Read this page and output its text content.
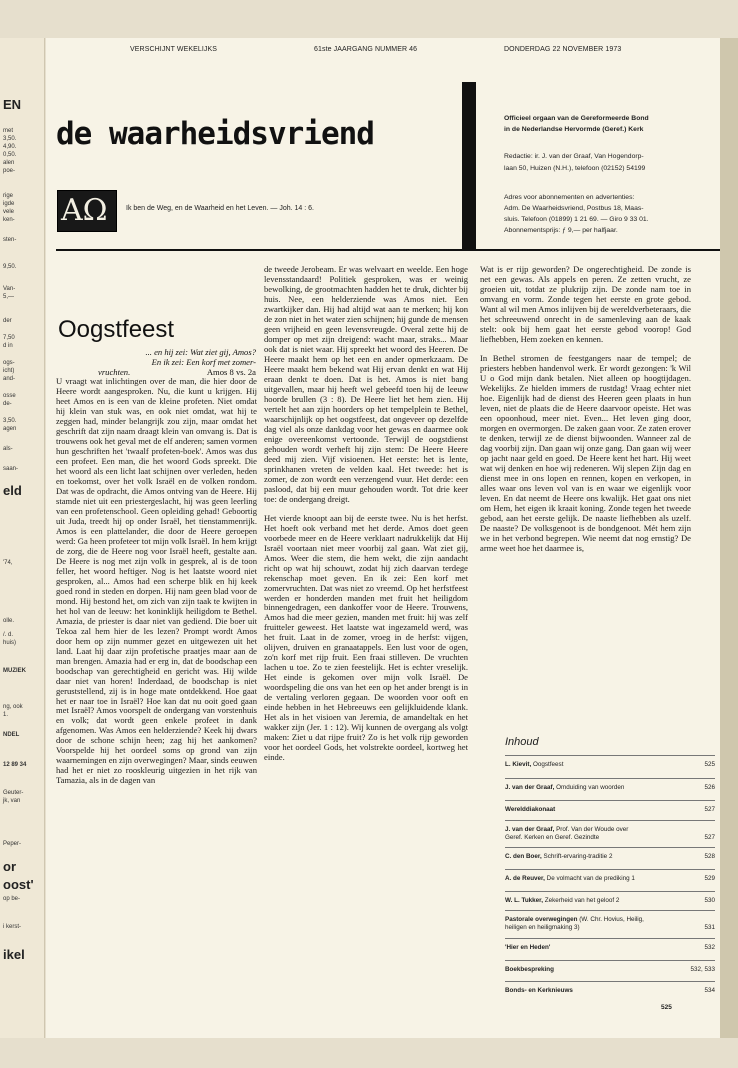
EN
met
3,50.
4,90.
0,50.
alen
poe-
rige
igde
vele
ken-
sten-
9,50.
Van-
5,—
der
7,50
d in
ogs-
icht)
and-
osse
de-
3,50.
agen
als-
saan-
eld
'74,
olle.
/. d.
huis)
MUZIEK
ng, ook
1.
NDEL
12 89 34
Geuter-
jk, van
Peper-
or
oost'
op be-
i kerst-
ikel
VERSCHIJNT WEKELIJKS	61ste JAARGANG NUMMER 46	DONDERDAG 22 NOVEMBER 1973
de waarheidsvriend	Officieel orgaan van de Gereformeerde Bond
in de Nederlandse Hervormde (Geref.) Kerk
Redactie: ir. J. van der Graaf, Van Hogendorp-
laan 50, Huizen (N.H.), telefoon (02152) 54199
Adres voor abonnementen en advertenties:
Adm. De Waarheidsvriend, Postbus 18, Maas-
sluis. Telefoon (01899) 1 21 69. — Giro 9 33 01.
Abonnementsprijs: ƒ 9,— per halfjaar.
AΩ	Ik ben de Weg, en de Waarheid en het Leven. — Joh. 14 : 6.
Oogstfeest
... en hij zei: Wat ziet gij, Amos?
En ik zei: Een korf met zomer-
vruchten.	Amos 8 vs. 2a

U vraagt wat inlichtingen over de man, die hier door de Heere wordt aangesproken. Nu, die kunt u krijgen. Hij heet Amos en is een van de kleine profeten. Niet omdat hij klein van stuk was, en ook niet omdat, wat hij te zeggen had, minder belangrijk zou zijn, maar omdat het geschrift dat zijn naam draagt klein van omvang is. Dat is trouwens ook het geval met de elf anderen; samen vormen hun geschriften het 'twaalf profeten-boek'. Amos was dus een profeet. Een man, die het woord Gods spreekt. Die het woord als een licht laat schijnen over verleden, heden en toekomst, over het volk Israël en de volken rondom. Dat was de opdracht, die Amos ontving van de Heere. Hij stamde niet uit een priestergeslacht, hij was geen leerling van een profetenschool. Geen opleiding gehad! Geboortig uit Juda, treedt hij op onder Israël, het tienstammenrijk. Amos is een plattelander, die door de Heere geroepen werd: Ga heen profeteer tot mijn volk Israël. In hem krijgt de zorg, die de Heere nog voor Israël heeft, gestalte aan. De Heere is nog met zijn volk in gesprek, al is de toon feller, het woord heftiger. Nog is het laatste woord niet gesproken, al... Amos had een scherpe blik en hij keek goed rond in steden en dorpen. Hij nam geen blad voor de mond. Hij bestond het, om zich van zijn taak te kwijten in het hol van de leeuw: het koninklijk heiligdom te Bethel. Amazia, de priester is daar niet van gediend. Die boer uit Tekoa zal hem hier de les lezen? Prompt wordt Amos door hem op zijn nummer gezet en uitgewezen uit het land. Laat hij daar zijn profetische praatjes maar aan de man brengen. Amazia had er erg in, dat de boodschap een boodschap van gerechtigheid en gericht was. Hij wilde daar niet van horen! Inderdaad, de boodschap is niet geruststellend, zij is in hoge mate ontdekkend. Hoe gaat het er naar toe in Israël? Hoe kan dat nu ooit goed gaan met Israël? Amos voorspelt de ondergang van vorstenhuis en volk; dat wordt geen enkele profeet in dank afgenomen. Was Amos een helderziende? Keek hij dwars door de schone schijn heen; zag hij het aankomen? Voorspelde hij het oordeel soms op grond van zijn waarnemingen en zijn overwegingen? Maar, sinds eeuwen had het er niet zo rooskleurig uitgezien in het rijk van Tamazia, als in de dagen van

de tweede Jerobeam. Er was welvaart en weelde. Een hoge levensstandaard! Politiek gesproken, was er weinig bewolking, de grootmachten hadden het te druk, dichter bij huis. Nee, een helderziende was Amos niet. Een zwartkijker dan. Hij had altijd wat aan te merken; hij kon de zon niet in het water zien schijnen; hij gunde de mensen geen vrijheid en geen levensvreugde. Overal zette hij de domper op met zijn dreigend: wacht maar, straks... Maar ook dat is niet waar. Hij spreekt het woord des Heeren. De Heere maakt hem op het een en ander opmerkzaam. De Heere maakt hem bekend wat Hij ervan denkt en wat Hij eraan denkt te doen. Dat is het. Amos is niet bang uitgevallen, maar hij heeft wel gebeefd toen hij de leeuw hoorde brullen (3 : 8). De Heere liet het hem zien. Hij vertelt het aan zijn hoorders op het tempelplein te Bethel, waarschijnlijk op het oogstfeest, dat ongeveer op dezelfde dag viel als onze dankdag voor het gewas en daarmee ook enige overeenkomst vertoonde. Terwijl de oogstdienst gehouden wordt verheft hij zijn stem: De Heere Heere deed mij zien. Vijf visioenen. Het eerste: het is lente, sprinkhanen vreten de velden kaal. Het tweede: het is zomer, de zon wordt een verzengend vuur. Het derde: een paslood, dat bij een muur gehouden wordt. Tot drie keer toe: de ondergang dreigt.

Het vierde knoopt aan bij de eerste twee. Nu is het herfst. Het hoeft ook verband met het derde. Amos doet geen voorbede meer en de Heere verklaart nadrukkelijk dat Hij Israël voortaan niet meer voorbij zal gaan. Wat ziet gij, Amos. Weer die stem, die hem wekt, die zijn aandacht richt op wat hij schouwt, zodat hij zich daarvan terdege rekenschap moet geven. En ik zei: Een korf met zomervruchten. Dat was niet zo vreemd. Op het herfstfeest werden er honderden manden met fruit het heiligdom binnengedragen, een dankoffer voor de Heere. Trouwens, Amos had die meer gezien, manden met fruit: hij was zelf fruitteler geweest. Het laatste wat ingezameld werd, was het fruit. Laat in de zomer, vroeg in de herfst: vijgen, olijven, druiven en granaatappels. Een lust voor de ogen, zo'n korf met rijp fruit. Een fraai stilleven. De vruchten lachen u toe. Zo te zien feestelijk. Het is echter vreselijk. Het einde is gekomen over mijn volk Israël. De woordspeling die ons van het een op het ander brengt is in de vertaling verloren gegaan. De woorden voor ooft en einde hebben in het Hebreeuws een gelijkluidende klank. Het als in het visioen van Jeremia, de amandeltak en het wakker zijn (Jer. 1 : 12). Wij kunnen de overgang als volgt maken: Ziet u dat rijpe fruit? Zo is het volk rijp geworden voor het oordeel Gods, het volstrekte oordeel, kortweg het einde.

Wat is er rijp geworden? De ongerechtigheid. De zonde is net een gewas. Als appels en peren. Ze zetten vrucht, ze groeien uit, totdat ze plukrijp zijn. De zonde nam toe in omvang en vorm. Zonde tegen het eerste en grote gebod. Want al wil men Amos inlijven bij de wereldverbeteraars, die het schreeuwend onrecht in de samenleving aan de kaak stelt: ook bij hem gaat het eerste gebod voorop! God liefhebben, Hem zoeken en kennen.

In Bethel stromen de feestgangers naar de tempel; de priesters hebben handenvol werk. Er wordt gezongen: 'k Wil U o God mijn dank betalen. Niet alleen op hoogtijdagen. Wekelijks. Ze hielden immers de rustdag! Vraag echter niet hoe. Eigenlijk had de dienst des Heeren geen plaats in hun leven, niet de plaats die de Heere daarvoor opeiste. Het was een opoonhoud, meer niet. Even... Het leven ging door, morgen en overmorgen. De zaken gaan voor. Ze zaten erover te denken, terwijl ze de dienst bijwoonden. Wanneer zal de dag voorbij zijn. Dan gaan wij onze gang. Dan gaan wij weer op jacht naar geld en goed. De Heere kent het hart. Hij weet wat wij denken en hoe wij redeneren. Wij slepen Zijn dag en dienst mee in ons lopen en rennen, kopen en verkopen, in alles waar ons leven vol van is en waar we eigenlijk voor leven. En dat neemt de Heere ons kwalijk. Het gaat ons niet om Hem, het eigen ik kraait koning. Zonde tegen het tweede gebod, aan het eerste gelijk. De naaste liefhebben als uzelf. De naaste? De volksgenoot is de bondgenoot. Mét hem zijn we in het verbond begrepen. Wie neemt dat nog ernstig? De arme weet hoe het daarmee is,

Inhoud
L. Kievit, Oogstfeest	525
J. van der Graaf, Omduiding van woorden	526
Werelddiakonaat	527
J. van der Graaf, Prof. Van der Woude over
Geref. Kerken en Geref. Gezindte	527
C. den Boer, Schrift-ervaring-traditie 2	528
A. de Reuver, De volmacht van de prediking 1	529
W. L. Tukker, Zekerheid van het geloof 2	530
Pastorale overwegingen (W. Chr. Hovius, Heilig,
heiligen en heiligmaking 3)	531
'Hier en Heden'	532
Boekbespreking	532, 533
Bonds- en Kerknieuws	534
525
